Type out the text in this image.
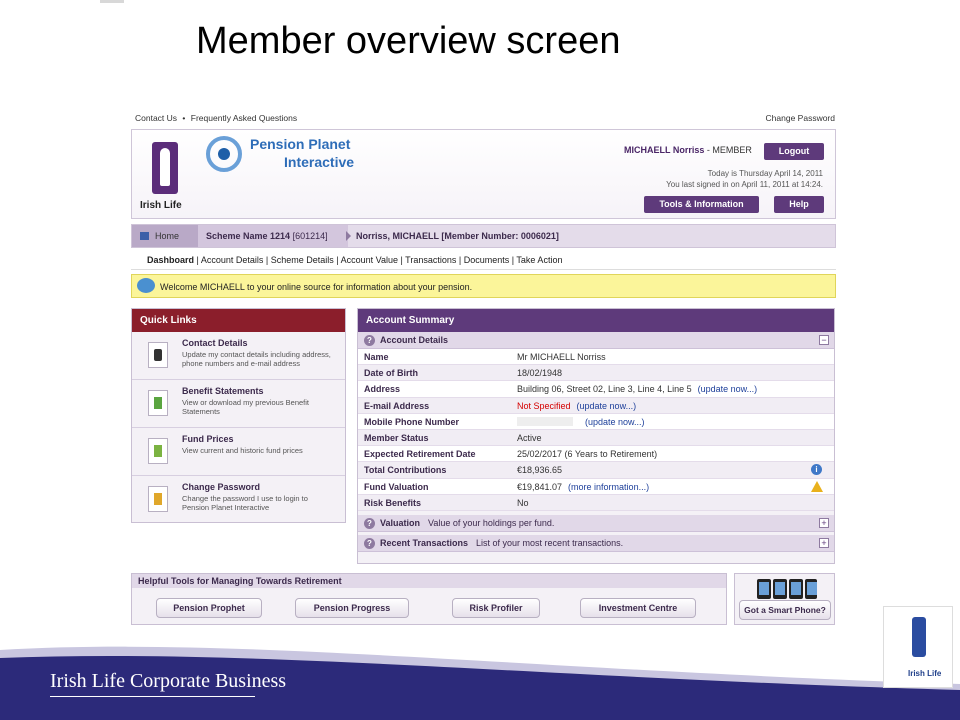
Member overview screen
Contact Us • Frequently Asked Questions	Change Password
Irish Life
Pension Planet
Interactive
MICHAELL Norriss - MEMBER	Logout
Today is Thursday April 14, 2011
You last signed in on April 11, 2011 at 14:24.
Tools & Information	Help
Home	Scheme Name 1214 [601214]	Norriss, MICHAELL [Member Number: 0006021]
Dashboard | Account Details | Scheme Details | Account Value | Transactions | Documents | Take Action
Welcome MICHAELL to your online source for information about your pension.
Quick Links
Contact Details
Update my contact details including address, phone numbers and e-mail address
Benefit Statements
View or download my previous Benefit Statements
Fund Prices
View current and historic fund prices
Change Password
Change the password I use to login to Pension Planet Interactive
Account Summary
? Account Details	−
Name	Mr MICHAELL Norriss
Date of Birth	18/02/1948
Address	Building 06, Street 02, Line 3, Line 4, Line 5 (update now...)
E-mail Address	Not Specified (update now...)
Mobile Phone Number	(update now...)
Member Status	Active
Expected Retirement Date	25/02/2017 (6 Years to Retirement)
Total Contributions	€18,936.65	i
Fund Valuation	€19,841.07 (more information...)
Risk Benefits	No
? Valuation Value of your holdings per fund.	+
? Recent Transactions List of your most recent transactions.	+
Helpful Tools for Managing Towards Retirement
Pension Prophet	Pension Progress	Risk Profiler	Investment Centre	Got a Smart Phone?
Irish Life Corporate Business	Irish Life
